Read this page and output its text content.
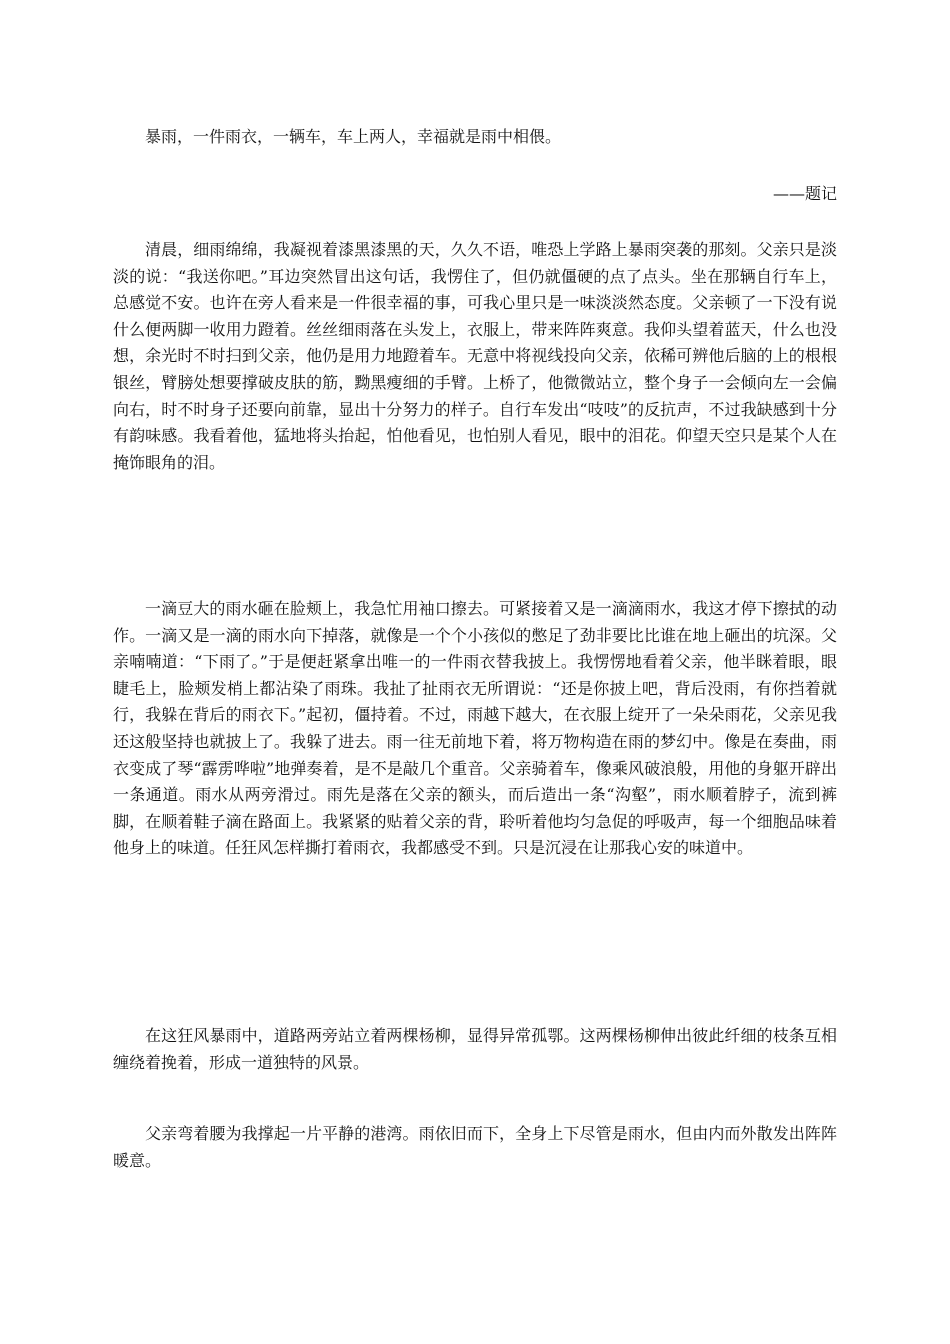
暴雨，一件雨衣，一辆车，车上两人，幸福就是雨中相偎。
——题记
清晨，细雨绵绵，我凝视着漆黑漆黑的天，久久不语，唯恐上学路上暴雨突袭的那刻。父亲只是淡淡的说：“我送你吧。”耳边突然冒出这句话，我愣住了，但仍就僵硬的点了点头。坐在那辆自行车上，总感觉不安。也许在旁人看来是一件很幸福的事，可我心里只是一味淡淡然态度。父亲顿了一下没有说什么便两脚一收用力蹬着。丝丝细雨落在头发上，衣服上，带来阵阵爽意。我仰头望着蓝天，什么也没想，余光时不时扫到父亲，他仍是用力地蹬着车。无意中将视线投向父亲，依稀可辨他后脑的上的根根银丝，臂膀处想要撑破皮肤的筋，黝黑瘦细的手臂。上桥了，他微微站立，整个身子一会倾向左一会偏向右，时不时身子还要向前靠，显出十分努力的样子。自行车发出“吱吱”的反抗声，不过我缺感到十分有韵味感。我看着他，猛地将头抬起，怕他看见，也怕别人看见，眼中的泪花。仰望天空只是某个人在掩饰眼角的泪。
一滴豆大的雨水砸在脸颊上，我急忙用袖口擦去。可紧接着又是一滴滴雨水，我这才停下擦拭的动作。一滴又是一滴的雨水向下掉落，就像是一个个小孩似的憋足了劲非要比比谁在地上砸出的坑深。父亲喃喃道：“下雨了。”于是便赶紧拿出唯一的一件雨衣替我披上。我愣愣地看着父亲，他半眯着眼，眼睫毛上，脸颊发梢上都沾染了雨珠。我扯了扯雨衣无所谓说：“还是你披上吧，背后没雨，有你挡着就行，我躲在背后的雨衣下。”起初，僵持着。不过，雨越下越大，在衣服上绽开了一朵朵雨花，父亲见我还这般坚持也就披上了。我躲了进去。雨一往无前地下着，将万物构造在雨的梦幻中。像是在奏曲，雨衣变成了琴“霹雳哗啦”地弹奏着，是不是敲几个重音。父亲骑着车，像乘风破浪般，用他的身躯开辟出一条通道。雨水从两旁滑过。雨先是落在父亲的额头，而后造出一条“沟壑”，雨水顺着脖子，流到裤脚，在顺着鞋子滴在路面上。我紧紧的贴着父亲的背，聆听着他均匀急促的呼吸声，每一个细胞品味着他身上的味道。任狂风怎样撕打着雨衣，我都感受不到。只是沉浸在让那我心安的味道中。
在这狂风暴雨中，道路两旁站立着两棵杨柳，显得异常孤鄂。这两棵杨柳伸出彼此纤细的枝条互相缠绕着挽着，形成一道独特的风景。
父亲弯着腰为我撑起一片平静的港湾。雨依旧而下，全身上下尽管是雨水，但由内而外散发出阵阵暖意。
